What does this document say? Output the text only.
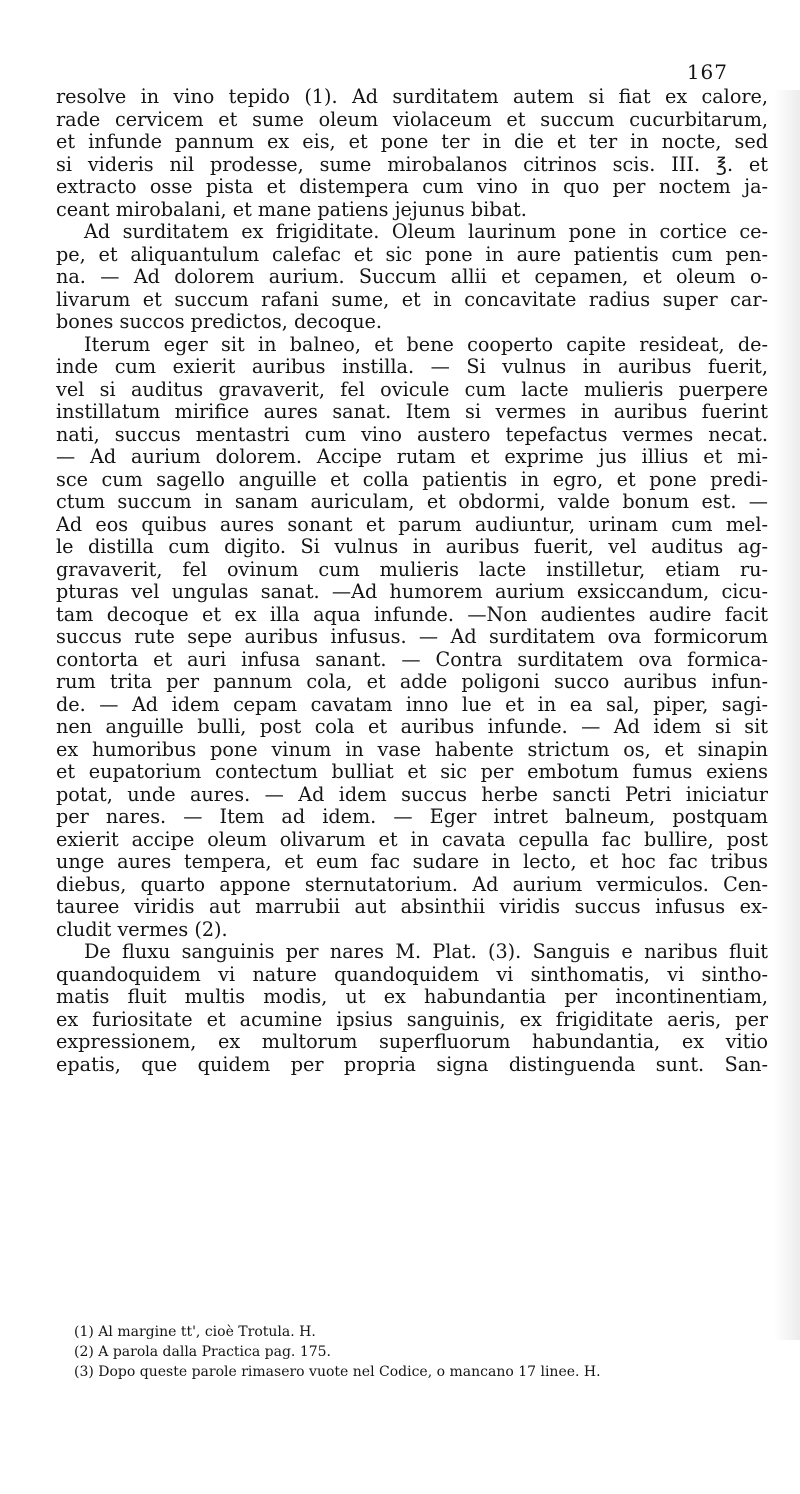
167

resolve in vino tepido (1). Ad surditatem autem si fiat ex calore,

rade cervicem et sume oleum violaceum et succum cucurbitarum,

et infunde pannum ex eis, et pone ter in die et ter in nocte, sed

si videris nil prodesse, sume mirobalanos citrinos scis. III. ℥. et

extracto osse pista et distempera cum vino in quo per noctem ja-

ceant mirobalani, et mane patiens jejunus bibat.

Ad surditatem ex frigiditate. Oleum laurinum pone in cortice ce-

pe, et aliquantulum calefac et sic pone in aure patientis cum pen-

na. — Ad dolorem aurium. Succum allii et cepamen, et oleum o-

livarum et succum rafani sume, et in concavitate radius super car-

bones succos predictos, decoque.

Iterum eger sit in balneo, et bene cooperto capite resideat, de-

inde cum exierit auribus instilla. — Si vulnus in auribus fuerit,

vel si auditus gravaverit, fel ovicule cum lacte mulieris puerpere

instillatum mirifice aures sanat. Item si vermes in auribus fuerint

nati, succus mentastri cum vino austero tepefactus vermes necat.

— Ad aurium dolorem. Accipe rutam et exprime jus illius et mi-

sce cum sagello anguille et colla patientis in egro, et pone predi-

ctum succum in sanam auriculam, et obdormi, valde bonum est. —

Ad eos quibus aures sonant et parum audiuntur, urinam cum mel-

le distilla cum digito. Si vulnus in auribus fuerit, vel auditus ag-

gravaverit, fel ovinum cum mulieris lacte instilletur, etiam ru-

pturas vel ungulas sanat. —Ad humorem aurium exsiccandum, cicu-

tam decoque et ex illa aqua infunde. —Non audientes audire facit

succus rute sepe auribus infusus. — Ad surditatem ova formicorum

contorta et auri infusa sanant. — Contra surditatem ova formica-

rum trita per pannum cola, et adde poligoni succo auribus infun-

de. — Ad idem cepam cavatam inno lue et in ea sal, piper, sagi-

nen anguille bulli, post cola et auribus infunde. — Ad idem si sit

ex humoribus pone vinum in vase habente strictum os, et sinapin

et eupatorium contectum bulliat et sic per embotum fumus exiens

potat, unde aures. — Ad idem succus herbe sancti Petri iniciatur

per nares. — Item ad idem. — Eger intret balneum, postquam

exierit accipe oleum olivarum et in cavata cepulla fac bullire, post

unge aures tempera, et eum fac sudare in lecto, et hoc fac tribus

diebus, quarto appone sternutatorium. Ad aurium vermiculos. Cen-

tauree viridis aut marrubii aut absinthii viridis succus infusus ex-

cludit vermes (2).

De fluxu sanguinis per nares M. Plat. (3). Sanguis e naribus fluit

quandoquidem vi nature quandoquidem vi sinthomatis, vi sintho-

matis fluit multis modis, ut ex habundantia per incontinentiam,

ex furiositate et acumine ipsius sanguinis, ex frigiditate aeris, per

expressionem, ex multorum superfluorum habundantia, ex vitio

epatis, que quidem per propria signa distinguenda sunt. San-

(1) Al margine tt', cioè Trotula. H.

(2) A parola dalla Practica pag. 175.

(3) Dopo queste parole rimasero vuote nel Codice, o mancano 17 linee. H.
